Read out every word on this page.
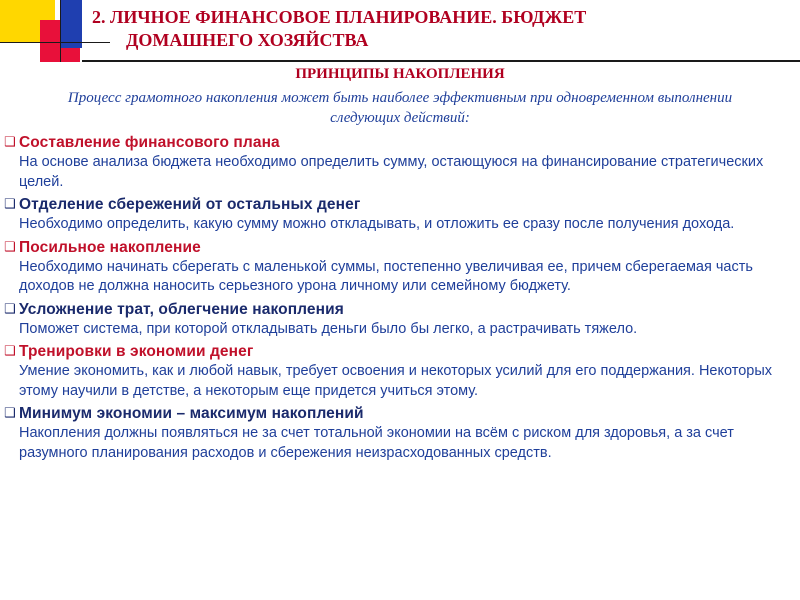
2. ЛИЧНОЕ ФИНАНСОВОЕ ПЛАНИРОВАНИЕ. БЮДЖЕТ
ДОМАШНЕГО ХОЗЯЙСТВА
ПРИНЦИПЫ НАКОПЛЕНИЯ
Процесс грамотного накопления может быть наиболее эффективным при одновременном выполнении следующих действий:
❑ Составление финансового плана
На основе анализа бюджета необходимо определить сумму, остающуюся на финансирование стратегических целей.
❑ Отделение сбережений от остальных денег
Необходимо определить, какую сумму можно откладывать, и отложить ее сразу после получения дохода.
❑ Посильное накопление
Необходимо начинать сберегать с маленькой суммы, постепенно увеличивая ее, причем сберегаемая часть доходов не должна наносить серьезного урона личному или семейному бюджету.
❑ Усложнение трат, облегчение накопления
Поможет система, при которой откладывать деньги было бы легко, а растрачивать тяжело.
❑ Тренировки в экономии денег
Умение экономить, как и любой навык, требует освоения и некоторых усилий для его поддержания. Некоторых этому научили в детстве, а некоторым еще придется учиться этому.
❑ Минимум экономии – максимум накоплений
Накопления должны появляться не за счет тотальной экономии на всём с риском для здоровья, а за счет разумного планирования расходов и сбережения неизрасходованных средств.
